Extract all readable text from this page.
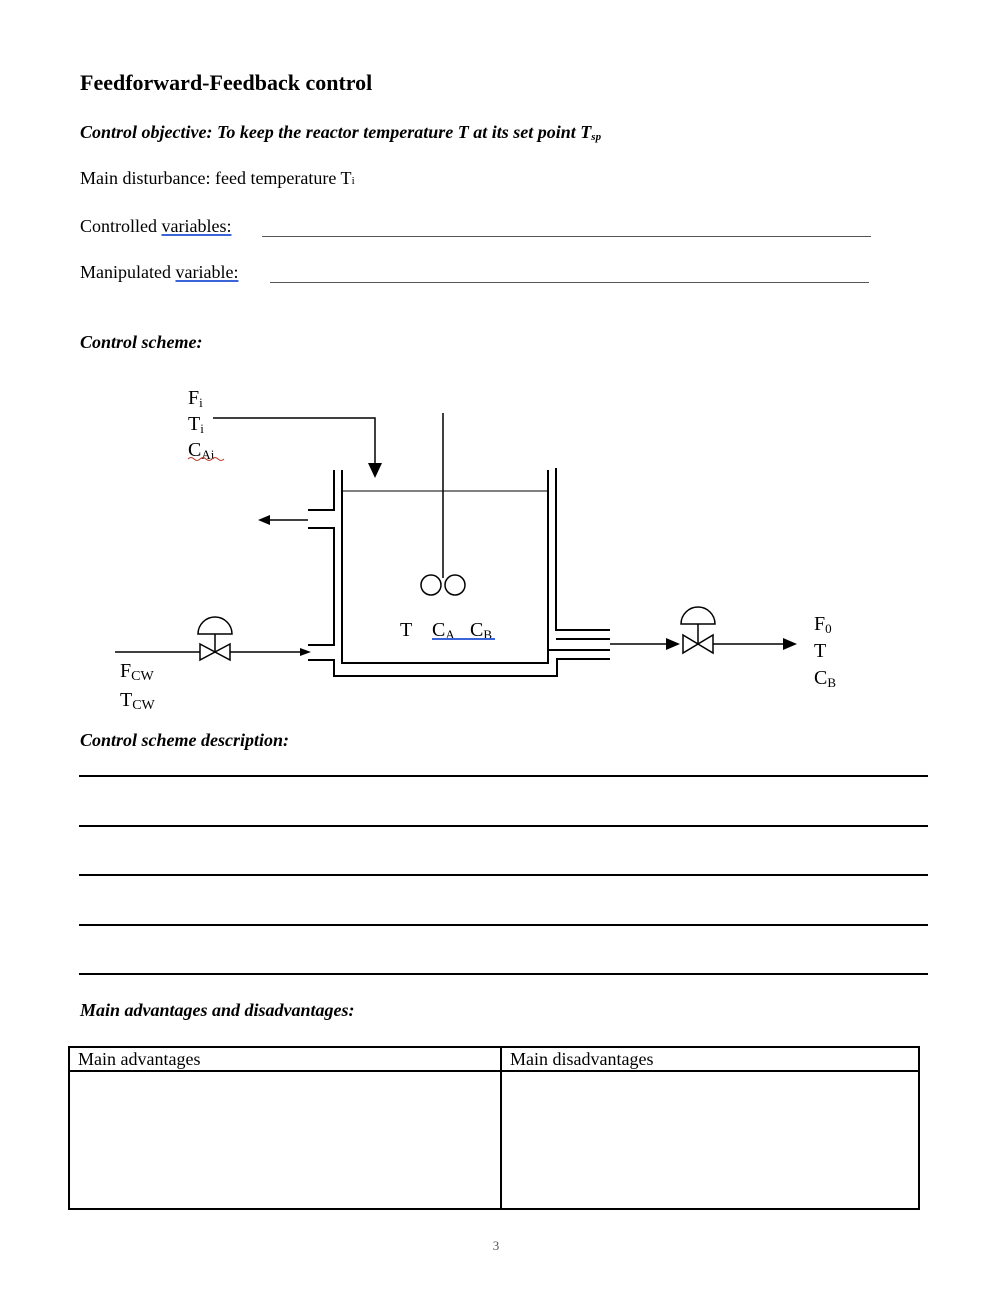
Feedforward-Feedback control
Control objective: To keep the reactor temperature T at its set point $T_{sp}$
Main disturbance: feed temperature Ti
Controlled variables:
Manipulated variable:
Control scheme:
Fi
Ti
CAi
FCW
TCW
T CA CB	F0
T
CB
Control scheme description:
Main advantages and disadvantages:
Main advantages	Main disadvantages

3
